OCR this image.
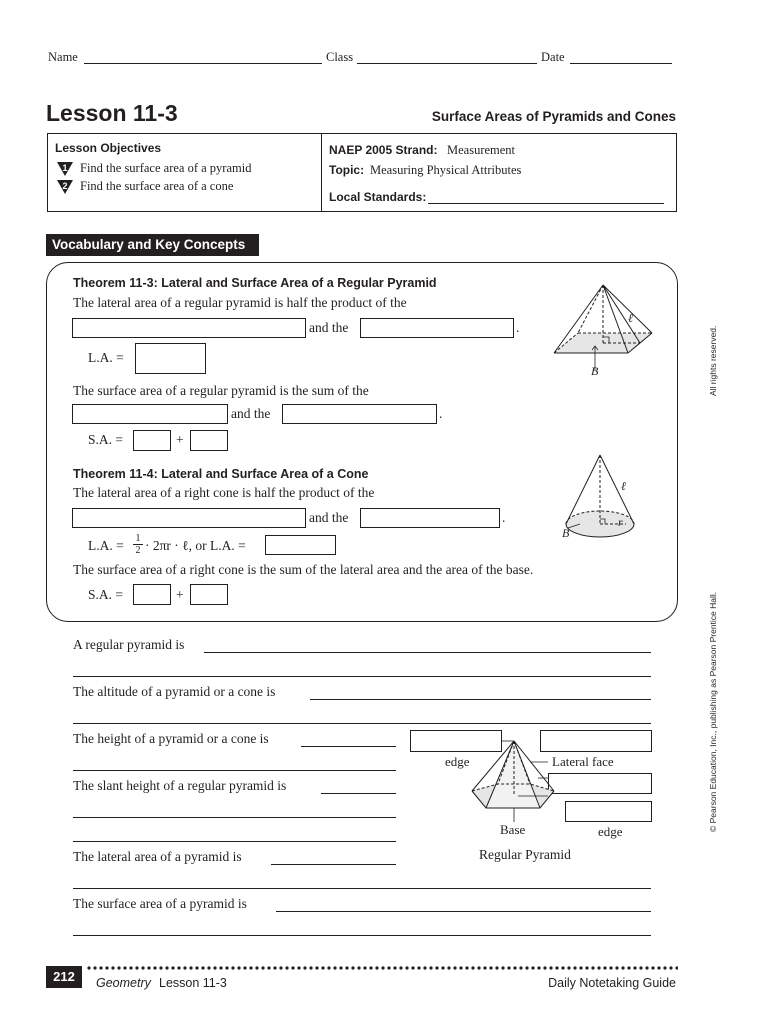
Name	Class	Date
Lesson 11-3	Surface Areas of Pyramids and Cones
Lesson Objectives
1 Find the surface area of a pyramid
2 Find the surface area of a cone
NAEP 2005 Strand: Measurement
Topic: Measuring Physical Attributes
Local Standards:
Vocabulary and Key Concepts
Theorem 11-3: Lateral and Surface Area of a Regular Pyramid
The lateral area of a regular pyramid is half the product of the
and the	.
L.A. =
The surface area of a regular pyramid is the sum of the
and the	.
S.A. =	+
ℓ
B
Theorem 11-4: Lateral and Surface Area of a Cone
The lateral area of a right cone is half the product of the
and the	.
L.A. = $\frac{1}{2} \cdot 2\pi r$ · ℓ, or L.A. =
The surface area of a right cone is the sum of the lateral area and the area of the base.
S.A. =	+
ℓ
B
r
A regular pyramid is
The altitude of a pyramid or a cone is
The height of a pyramid or a cone is
The slant height of a regular pyramid is
The lateral area of a pyramid is
The surface area of a pyramid is
edge	Lateral face
Base	edge
Regular Pyramid
© Pearson Education, Inc., publishing as Pearson Prentice Hall.
All rights reserved.
212	Geometry Lesson 11-3	Daily Notetaking Guide
